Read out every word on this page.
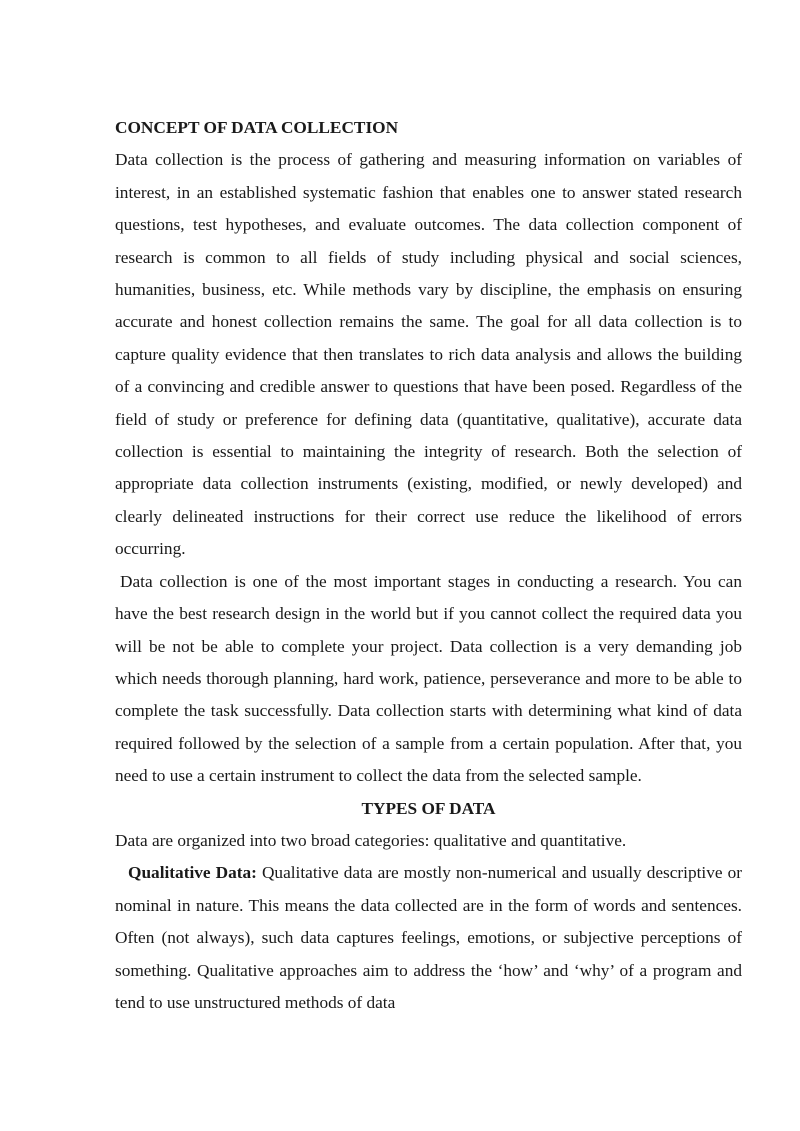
CONCEPT OF DATA COLLECTION

Data collection is the process of gathering and measuring information on variables of interest, in an established systematic fashion that enables one to answer stated research questions, test hypotheses, and evaluate outcomes. The data collection component of research is common to all fields of study including physical and social sciences, humanities, business, etc. While methods vary by discipline, the emphasis on ensuring accurate and honest collection remains the same. The goal for all data collection is to capture quality evidence that then translates to rich data analysis and allows the building of a convincing and credible answer to questions that have been posed. Regardless of the field of study or preference for defining data (quantitative, qualitative), accurate data collection is essential to maintaining the integrity of research. Both the selection of appropriate data collection instruments (existing, modified, or newly developed) and clearly delineated instructions for their correct use reduce the likelihood of errors occurring.

Data collection is one of the most important stages in conducting a research. You can have the best research design in the world but if you cannot collect the required data you will be not be able to complete your project. Data collection is a very demanding job which needs thorough planning, hard work, patience, perseverance and more to be able to complete the task successfully. Data collection starts with determining what kind of data required followed by the selection of a sample from a certain population. After that, you need to use a certain instrument to collect the data from the selected sample.

TYPES OF DATA

Data are organized into two broad categories: qualitative and quantitative.

Qualitative Data: Qualitative data are mostly non-numerical and usually descriptive or nominal in nature. This means the data collected are in the form of words and sentences. Often (not always), such data captures feelings, emotions, or subjective perceptions of something. Qualitative approaches aim to address the ‘how’ and ‘why’ of a program and tend to use unstructured methods of data
